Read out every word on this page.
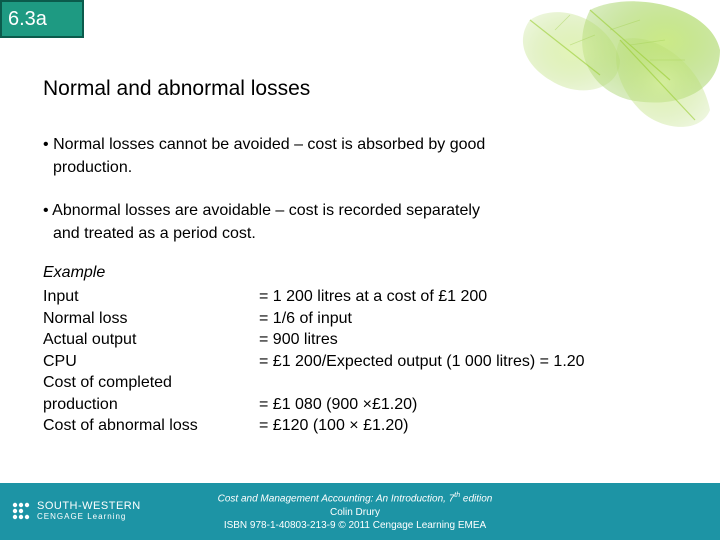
6.3a
Normal and abnormal losses
• Normal losses cannot be avoided – cost is absorbed by good
production.
• Abnormal losses are avoidable – cost is recorded separately
and treated as a period cost.
Example
Input	= 1 200 litres at a cost of £1 200
Normal loss	= 1/6 of input
Actual output	= 900 litres
CPU	= £1 200/Expected output (1 000 litres) = 1.20
Cost of completed
production	= £1 080 (900 ×£1.20)
Cost of abnormal loss	= £120 (100 × £1.20)
SOUTH-WESTERN
CENGAGE Learning
Cost and Management Accounting: An Introduction, 7th edition
Colin Drury
ISBN 978-1-40803-213-9 © 2011 Cengage Learning EMEA
